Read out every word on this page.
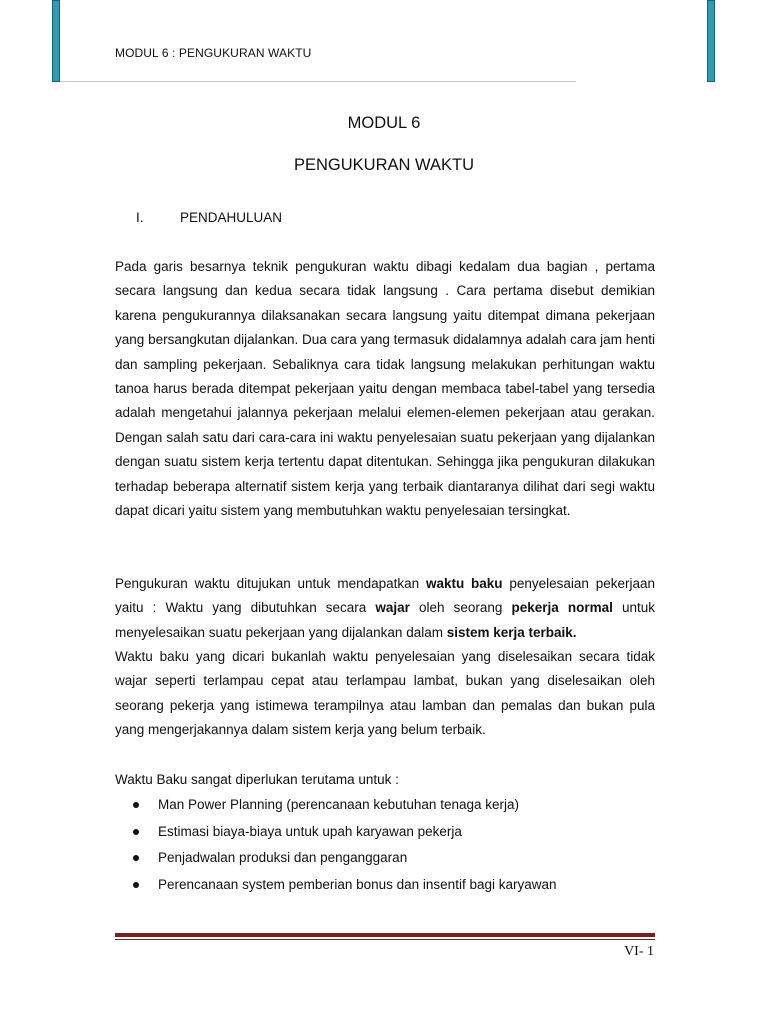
MODUL 6 : PENGUKURAN WAKTU
MODUL 6
PENGUKURAN WAKTU
I.	PENDAHULUAN
Pada garis besarnya teknik pengukuran waktu dibagi kedalam dua bagian , pertama secara langsung dan kedua secara tidak langsung . Cara pertama disebut demikian karena pengukurannya dilaksanakan secara langsung yaitu ditempat dimana pekerjaan yang bersangkutan dijalankan. Dua cara yang termasuk didalamnya adalah cara jam henti dan sampling pekerjaan. Sebaliknya cara tidak langsung melakukan perhitungan waktu tanoa harus berada ditempat pekerjaan yaitu dengan membaca tabel-tabel yang tersedia adalah mengetahui jalannya pekerjaan melalui elemen-elemen pekerjaan atau gerakan. Dengan salah satu dari cara-cara ini waktu penyelesaian suatu pekerjaan yang dijalankan dengan suatu sistem kerja tertentu dapat ditentukan. Sehingga jika pengukuran dilakukan terhadap beberapa alternatif sistem kerja yang terbaik diantaranya dilihat dari segi waktu dapat dicari yaitu sistem yang membutuhkan waktu penyelesaian tersingkat.
Pengukuran waktu ditujukan untuk mendapatkan waktu baku penyelesaian pekerjaan yaitu : Waktu yang dibutuhkan secara wajar oleh seorang pekerja normal untuk menyelesaikan suatu pekerjaan yang dijalankan dalam sistem kerja terbaik.
Waktu baku yang dicari bukanlah waktu penyelesaian yang diselesaikan secara tidak wajar seperti terlampau cepat atau terlampau lambat, bukan yang diselesaikan oleh seorang pekerja yang istimewa terampilnya atau lamban dan pemalas dan bukan pula yang mengerjakannya dalam sistem kerja yang belum terbaik.
Waktu Baku sangat diperlukan terutama untuk :
Man Power Planning (perencanaan kebutuhan tenaga kerja)
Estimasi biaya-biaya untuk upah karyawan pekerja
Penjadwalan produksi dan penganggaran
Perencanaan system pemberian bonus dan insentif bagi karyawan
VI- 1
